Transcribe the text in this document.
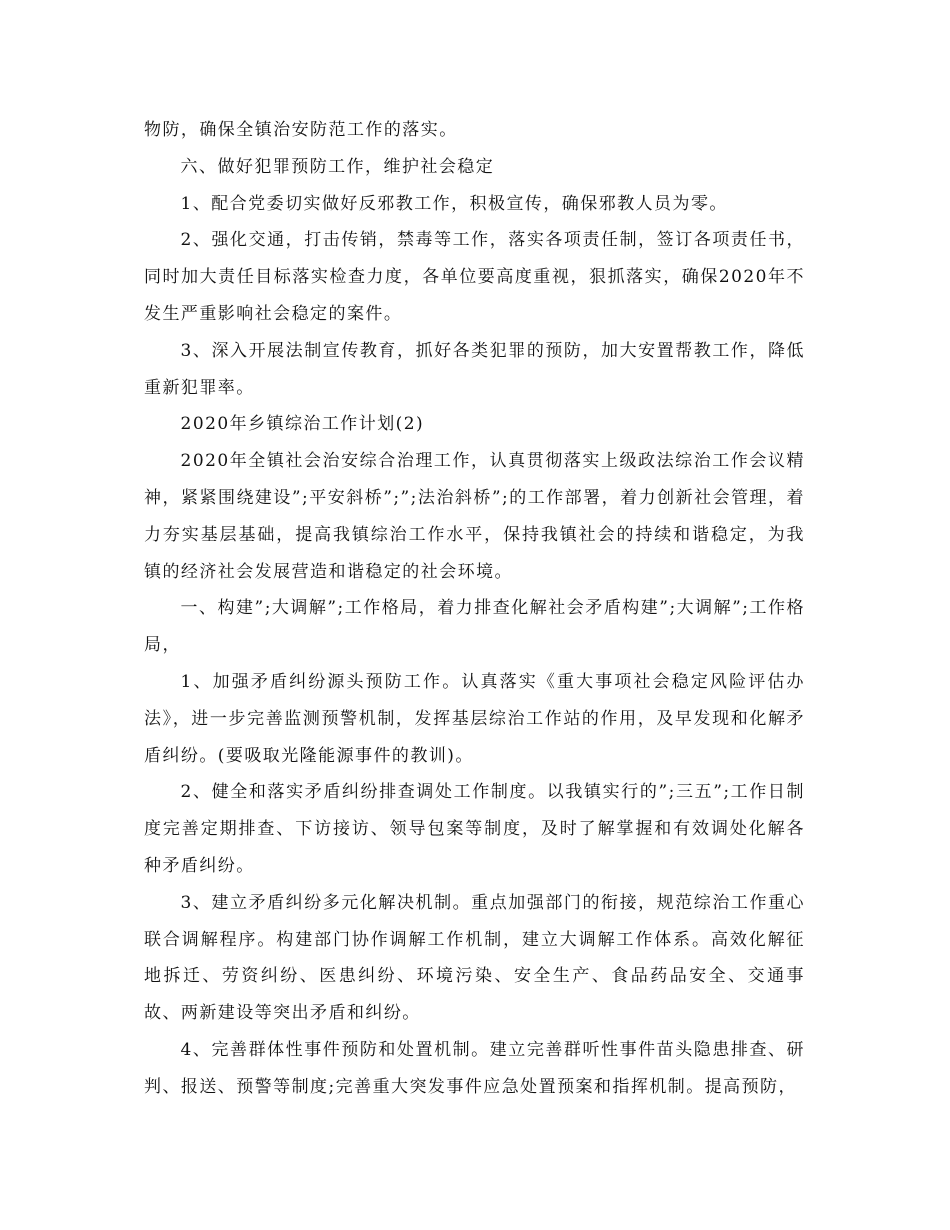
物防，确保全镇治安防范工作的落实。

六、做好犯罪预防工作，维护社会稳定

1、配合党委切实做好反邪教工作，积极宣传，确保邪教人员为零。

2、强化交通，打击传销，禁毒等工作，落实各项责任制，签订各项责任书，同时加大责任目标落实检查力度，各单位要高度重视，狠抓落实，确保2020年不发生严重影响社会稳定的案件。

3、深入开展法制宣传教育，抓好各类犯罪的预防，加大安置帮教工作，降低重新犯罪率。

2020年乡镇综治工作计划(2)

2020年全镇社会治安综合治理工作，认真贯彻落实上级政法综治工作会议精神，紧紧围绕建设”;平安斜桥”;”;法治斜桥”;的工作部署，着力创新社会管理，着力夯实基层基础，提高我镇综治工作水平，保持我镇社会的持续和谐稳定，为我镇的经济社会发展营造和谐稳定的社会环境。

一、构建”;大调解”;工作格局，着力排查化解社会矛盾构建”;大调解”;工作格局，

1、加强矛盾纠纷源头预防工作。认真落实《重大事项社会稳定风险评估办法》，进一步完善监测预警机制，发挥基层综治工作站的作用，及早发现和化解矛盾纠纷。(要吸取光隆能源事件的教训)。

2、健全和落实矛盾纠纷排查调处工作制度。以我镇实行的”;三五”;工作日制度完善定期排查、下访接访、领导包案等制度，及时了解掌握和有效调处化解各种矛盾纠纷。

3、建立矛盾纠纷多元化解决机制。重点加强部门的衔接，规范综治工作重心联合调解程序。构建部门协作调解工作机制，建立大调解工作体系。高效化解征地拆迁、劳资纠纷、医患纠纷、环境污染、安全生产、食品药品安全、交通事故、两新建设等突出矛盾和纠纷。

4、完善群体性事件预防和处置机制。建立完善群听性事件苗头隐患排查、研判、报送、预警等制度;完善重大突发事件应急处置预案和指挥机制。提高预防，
